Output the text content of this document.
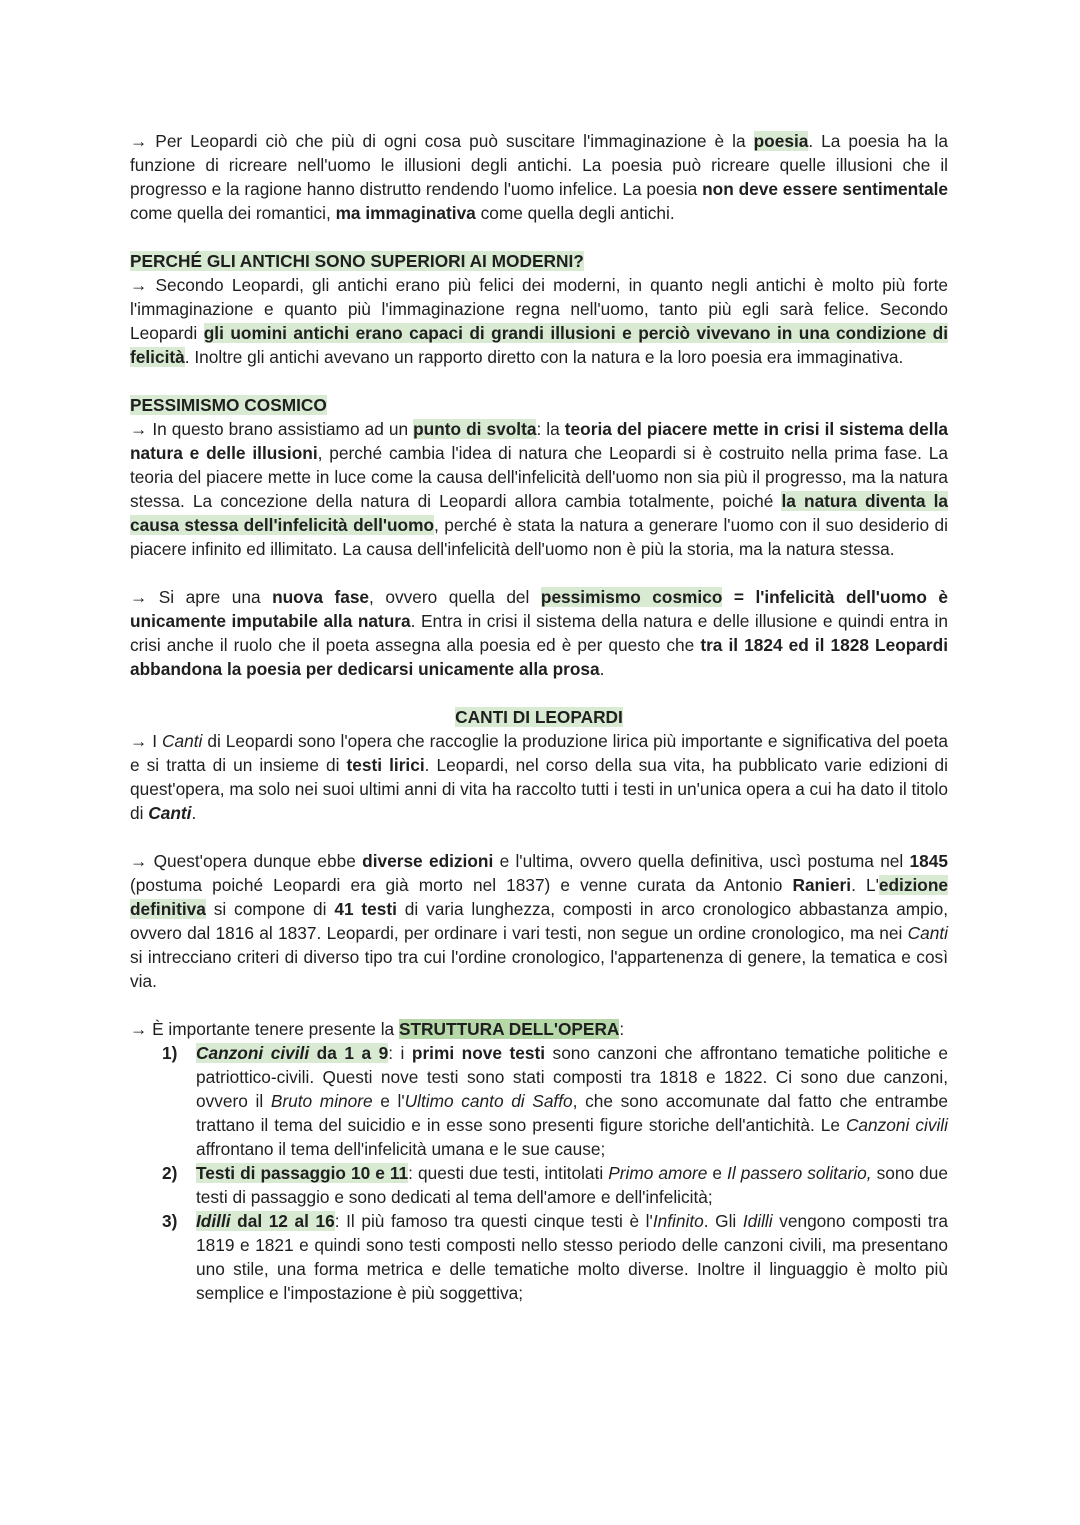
→ Per Leopardi ciò che più di ogni cosa può suscitare l'immaginazione è la poesia. La poesia ha la funzione di ricreare nell'uomo le illusioni degli antichi. La poesia può ricreare quelle illusioni che il progresso e la ragione hanno distrutto rendendo l'uomo infelice. La poesia non deve essere sentimentale come quella dei romantici, ma immaginativa come quella degli antichi.

PERCHÉ GLI ANTICHI SONO SUPERIORI AI MODERNI?

→ Secondo Leopardi, gli antichi erano più felici dei moderni, in quanto negli antichi è molto più forte l'immaginazione e quanto più l'immaginazione regna nell'uomo, tanto più egli sarà felice. Secondo Leopardi gli uomini antichi erano capaci di grandi illusioni e perciò vivevano in una condizione di felicità. Inoltre gli antichi avevano un rapporto diretto con la natura e la loro poesia era immaginativa.

PESSIMISMO COSMICO

→ In questo brano assistiamo ad un punto di svolta: la teoria del piacere mette in crisi il sistema della natura e delle illusioni, perché cambia l'idea di natura che Leopardi si è costruito nella prima fase. La teoria del piacere mette in luce come la causa dell'infelicità dell'uomo non sia più il progresso, ma la natura stessa. La concezione della natura di Leopardi allora cambia totalmente, poiché la natura diventa la causa stessa dell'infelicità dell'uomo, perché è stata la natura a generare l'uomo con il suo desiderio di piacere infinito ed illimitato. La causa dell'infelicità dell'uomo non è più la storia, ma la natura stessa.

→ Si apre una nuova fase, ovvero quella del pessimismo cosmico = l'infelicità dell'uomo è unicamente imputabile alla natura. Entra in crisi il sistema della natura e delle illusione e quindi entra in crisi anche il ruolo che il poeta assegna alla poesia ed è per questo che tra il 1824 ed il 1828 Leopardi abbandona la poesia per dedicarsi unicamente alla prosa.

CANTI DI LEOPARDI

→ I Canti di Leopardi sono l'opera che raccoglie la produzione lirica più importante e significativa del poeta e si tratta di un insieme di testi lirici. Leopardi, nel corso della sua vita, ha pubblicato varie edizioni di quest'opera, ma solo nei suoi ultimi anni di vita ha raccolto tutti i testi in un'unica opera a cui ha dato il titolo di Canti.

→ Quest'opera dunque ebbe diverse edizioni e l'ultima, ovvero quella definitiva, uscì postuma nel 1845 (postuma poiché Leopardi era già morto nel 1837) e venne curata da Antonio Ranieri. L'edizione definitiva si compone di 41 testi di varia lunghezza, composti in arco cronologico abbastanza ampio, ovvero dal 1816 al 1837. Leopardi, per ordinare i vari testi, non segue un ordine cronologico, ma nei Canti si intrecciano criteri di diverso tipo tra cui l'ordine cronologico, l'appartenenza di genere, la tematica e così via.

→ È importante tenere presente la STRUTTURA DELL'OPERA:

1) Canzoni civili da 1 a 9: i primi nove testi sono canzoni che affrontano tematiche politiche e patriottico-civili. Questi nove testi sono stati composti tra 1818 e 1822. Ci sono due canzoni, ovvero il Bruto minore e l'Ultimo canto di Saffo, che sono accomunate dal fatto che entrambe trattano il tema del suicidio e in esse sono presenti figure storiche dell'antichità. Le Canzoni civili affrontano il tema dell'infelicità umana e le sue cause;
2) Testi di passaggio 10 e 11: questi due testi, intitolati Primo amore e Il passero solitario, sono due testi di passaggio e sono dedicati al tema dell'amore e dell'infelicità;
3) Idilli dal 12 al 16: Il più famoso tra questi cinque testi è l'Infinito. Gli Idilli vengono composti tra 1819 e 1821 e quindi sono testi composti nello stesso periodo delle canzoni civili, ma presentano uno stile, una forma metrica e delle tematiche molto diverse. Inoltre il linguaggio è molto più semplice e l'impostazione è più soggettiva;
